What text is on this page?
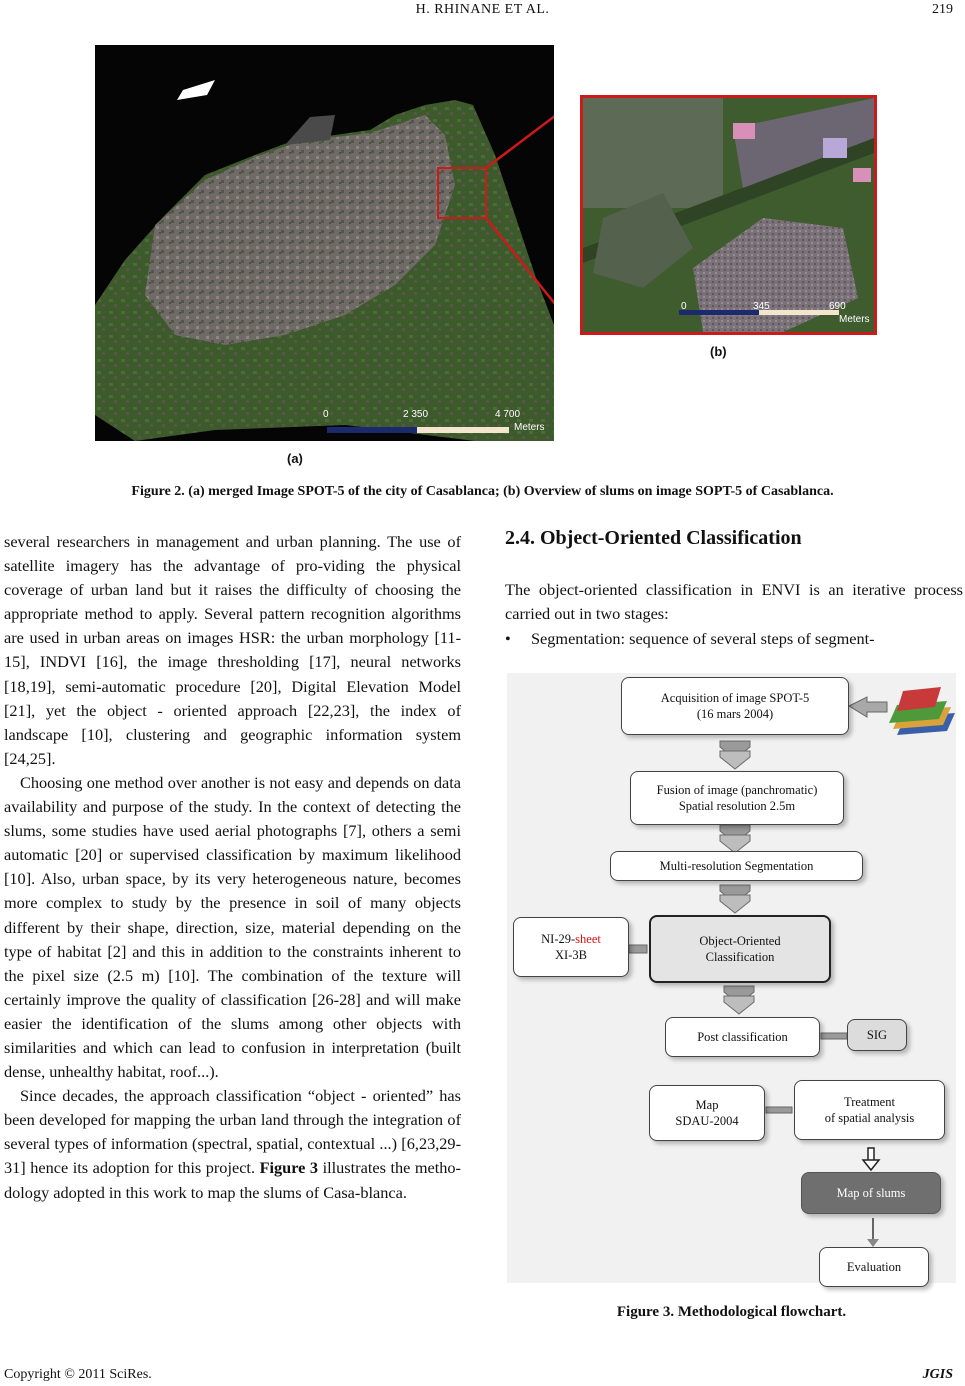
H. RHINANE ET AL.	219
0	2 350	4 700
Meters
0	345	690
Meters
(b)
(a)
Figure 2. (a) merged Image SPOT-5 of the city of Casablanca; (b) Overview of slums on image SOPT-5 of Casablanca.

several researchers in management and urban planning. The use of satellite imagery has the advantage of pro-viding the physical coverage of urban land but it raises the difficulty of choosing the appropriate method to apply. Several pattern recognition algorithms are used in urban areas on images HSR: the urban morphology [11-15], INDVI [16], the image thresholding [17], neural networks [18,19], semi-automatic procedure [20], Digital Elevation Model [21], yet the object - oriented approach [22,23], the index of landscape [10], clustering and geographic information system [24,25].

Choosing one method over another is not easy and depends on data availability and purpose of the study. In the context of detecting the slums, some studies have used aerial photographs [7], others a semi automatic [20] or supervised classification by maximum likelihood [10]. Also, urban space, by its very heterogeneous nature, becomes more complex to study by the presence in soil of many objects different by their shape, direction, size, material depending on the type of habitat [2] and this in addition to the constraints inherent to the pixel size (2.5 m) [10]. The combination of the texture will certainly improve the quality of classification [26-28] and will make easier the identification of the slums among other objects with similarities and which can lead to confusion in interpretation (built dense, unhealthy habitat, roof...).

Since decades, the approach classification “object - oriented” has been developed for mapping the urban land through the integration of several types of information (spectral, spatial, contextual ...) [6,23,29-31] hence its adoption for this project. Figure 3 illustrates the metho-dology adopted in this work to map the slums of Casa-blanca.

2.4. Object-Oriented Classification
The object-oriented classification in ENVI is an iterative process carried out in two stages:
• Segmentation: sequence of several steps of segment-
Acquisition of image SPOT-5
(16 mars 2004)
Fusion of image (panchromatic)
Spatial resolution 2.5m
Multi-resolution Segmentation
NI-29-sheet
XI-3B
Object-Oriented
Classification
Post classification	SIG
Map
SDAU-2004
Treatment
of spatial analysis
Map of slums
Evaluation
Figure 3. Methodological flowchart.
Copyright © 2011 SciRes.	JGIS
